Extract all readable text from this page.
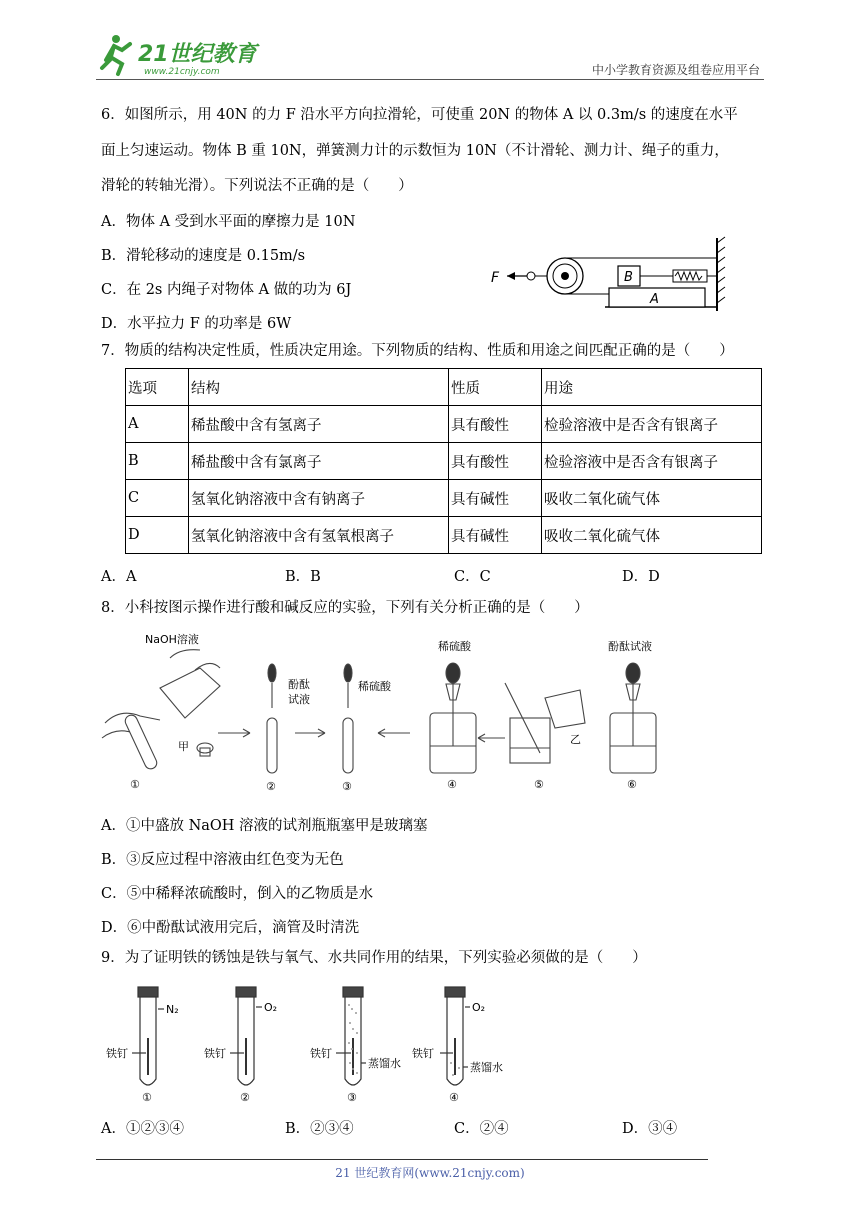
21世纪教育
www.21cnjy.com	中小学教育资源及组卷应用平台
6．如图所示，用 40N 的力 F 沿水平方向拉滑轮，可使重 20N 的物体 A 以 0.3m/s 的速度在水平
面上匀速运动。物体 B 重 10N，弹簧测力计的示数恒为 10N（不计滑轮、测力计、绳子的重力，
滑轮的转轴光滑）。下列说法不正确的是（　　）
A．物体 A 受到水平面的摩擦力是 10N
B．滑轮移动的速度是 0.15m/s
C．在 2s 内绳子对物体 A 做的功为 6J
D．水平拉力 F 的功率是 6W
A
B
F
7．物质的结构决定性质，性质决定用途。下列物质的结构、性质和用途之间匹配正确的是（　　）
选项	结构	性质	用途
A	稀盐酸中含有氢离子	具有酸性	检验溶液中是否含有银离子
B	稀盐酸中含有氯离子	具有酸性	检验溶液中是否含有银离子
C	氢氧化钠溶液中含有钠离子	具有碱性	吸收二氧化硫气体
D	氢氧化钠溶液中含有氢氧根离子	具有碱性	吸收二氧化硫气体
A．A	B．B	C．C	D．D
8．小科按图示操作进行酸和碱反应的实验，下列有关分析正确的是（　　）
NaOH溶液
甲
酚酞
试液
稀硫酸
稀硫酸	酚酞试液
乙
①	②	③	④	⑤	⑥
A．①中盛放 NaOH 溶液的试剂瓶瓶塞甲是玻璃塞
B．③反应过程中溶液由红色变为无色
C．⑤中稀释浓硫酸时，倒入的乙物质是水
D．⑥中酚酞试液用完后，滴管及时清洗
9．为了证明铁的锈蚀是铁与氧气、水共同作用的结果，下列实验必须做的是（　　）
N₂	O₂	O₂
铁钉	铁钉	铁钉	铁钉
蒸馏水	蒸馏水
①	②	③	④
A．①②③④	B．②③④	C．②④	D．③④
21 世纪教育网(www.21cnjy.com)
